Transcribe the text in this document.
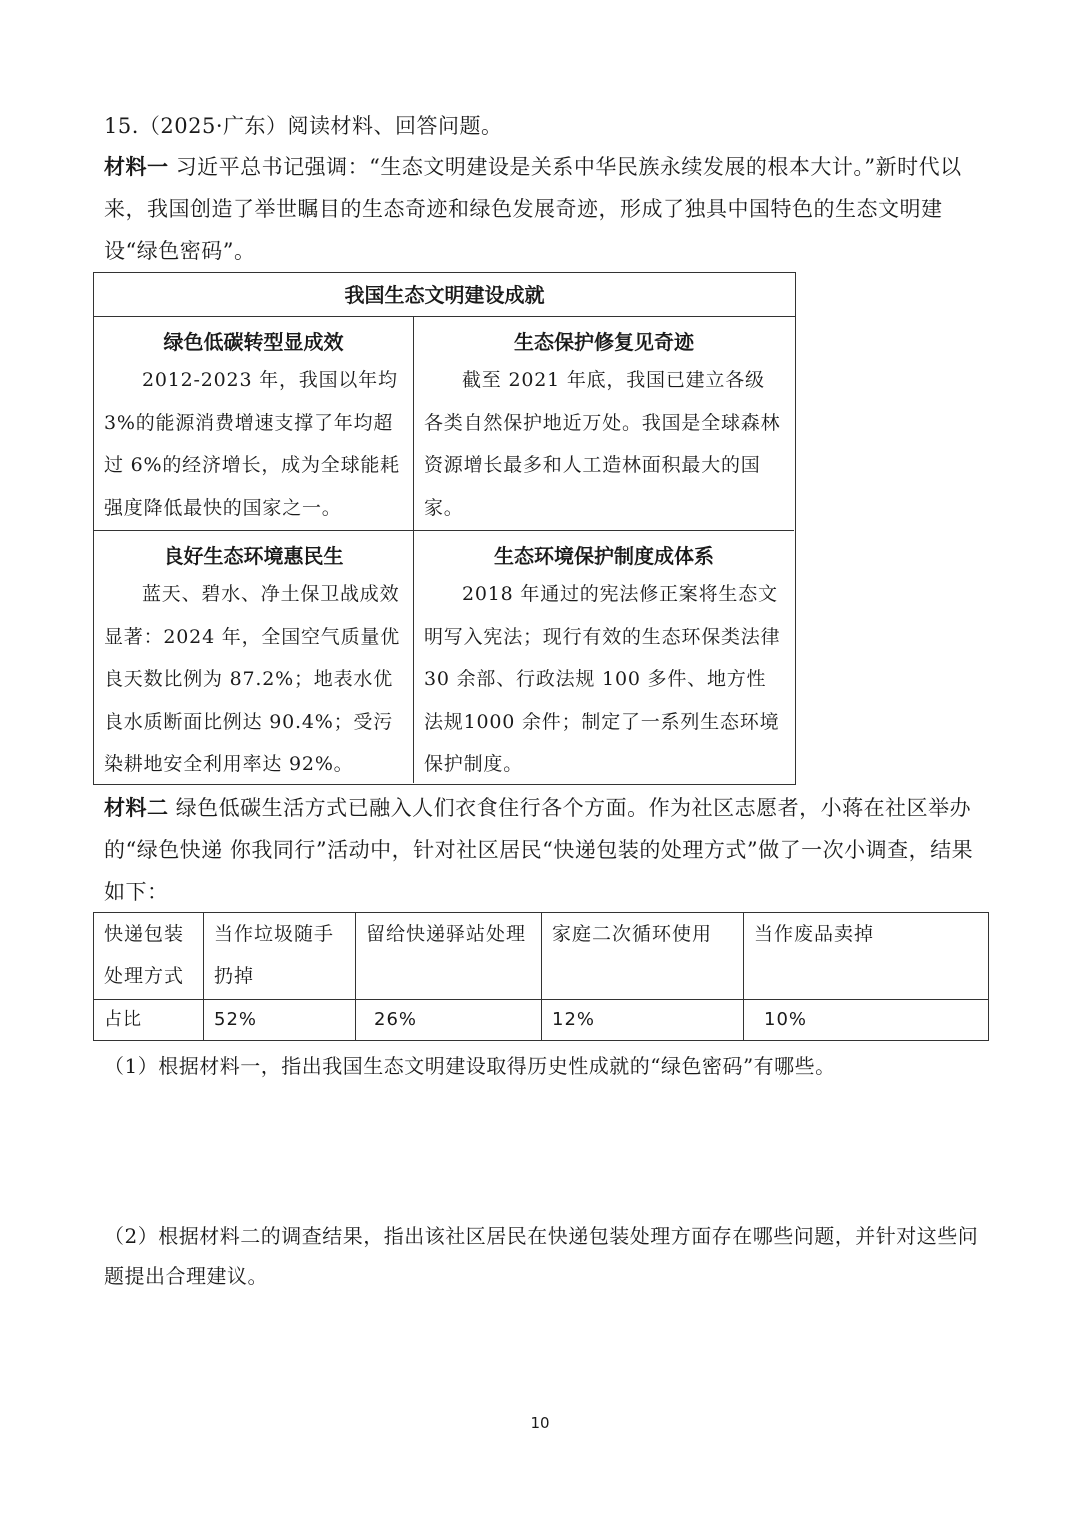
15.（2025·广东）阅读材料、回答问题。
材料一 习近平总书记强调：“生态文明建设是关系中华民族永续发展的根本大计。”新时代以来，我国创造了举世瞩目的生态奇迹和绿色发展奇迹，形成了独具中国特色的生态文明建设“绿色密码”。
我国生态文明建设成就
绿色低碳转型显成效

2012-2023 年，我国以年均3%的能源消费增速支撑了年均超过 6%的经济增长，成为全球能耗强度降低最快的国家之一。

生态保护修复见奇迹

截至 2021 年底，我国已建立各级各类自然保护地近万处。我国是全球森林资源增长最多和人工造林面积最大的国家。

良好生态环境惠民生

蓝天、碧水、净土保卫战成效显著：2024 年，全国空气质量优良天数比例为 87.2%；地表水优良水质断面比例达 90.4%；受污染耕地安全利用率达 92%。

生态环境保护制度成体系

2018 年通过的宪法修正案将生态文明写入宪法；现行有效的生态环保类法律 30 余部、行政法规 100 多件、地方性法规1000 余件；制定了一系列生态环境保护制度。

材料二 绿色低碳生活方式已融入人们衣食住行各个方面。作为社区志愿者，小蒋在社区举办的“绿色快递 你我同行”活动中，针对社区居民“快递包装的处理方式”做了一次小调查，结果如下：
快递包装处理方式	当作垃圾随手扔掉	留给快递驿站处理	家庭二次循环使用	当作废品卖掉
占比	52%	26%	12%	10%
（1）根据材料一，指出我国生态文明建设取得历史性成就的“绿色密码”有哪些。
（2）根据材料二的调查结果，指出该社区居民在快递包装处理方面存在哪些问题，并针对这些问题提出合理建议。
10
